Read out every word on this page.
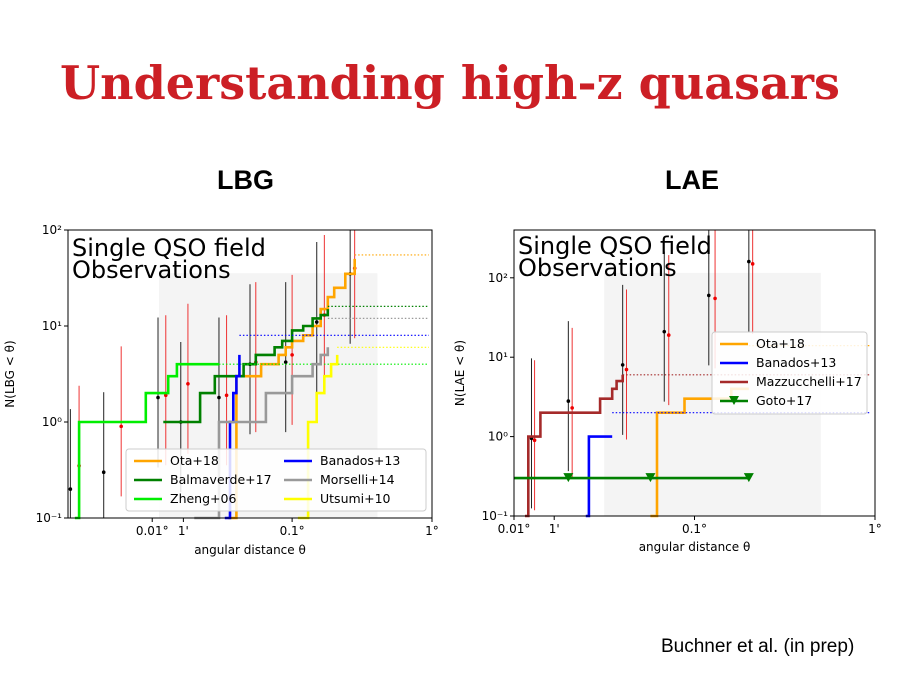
Understanding high-z quasars
LBG	LAE
0.01° 1'	0.1°	1°
10⁻¹
10⁰
10¹
10²
angular distance θ
N(LBG < θ)
Single QSO field
Observations
Ota+18
Balmaverde+17
Zheng+06
Banados+13
Morselli+14
Utsumi+10
0.01° 1'	0.1°	1°
10⁻¹
10⁰
10¹
10²
angular distance θ
N(LAE < θ)
Single QSO field
Observations
Ota+18
Banados+13
Mazzucchelli+17
Goto+17
Buchner et al. (in prep)
